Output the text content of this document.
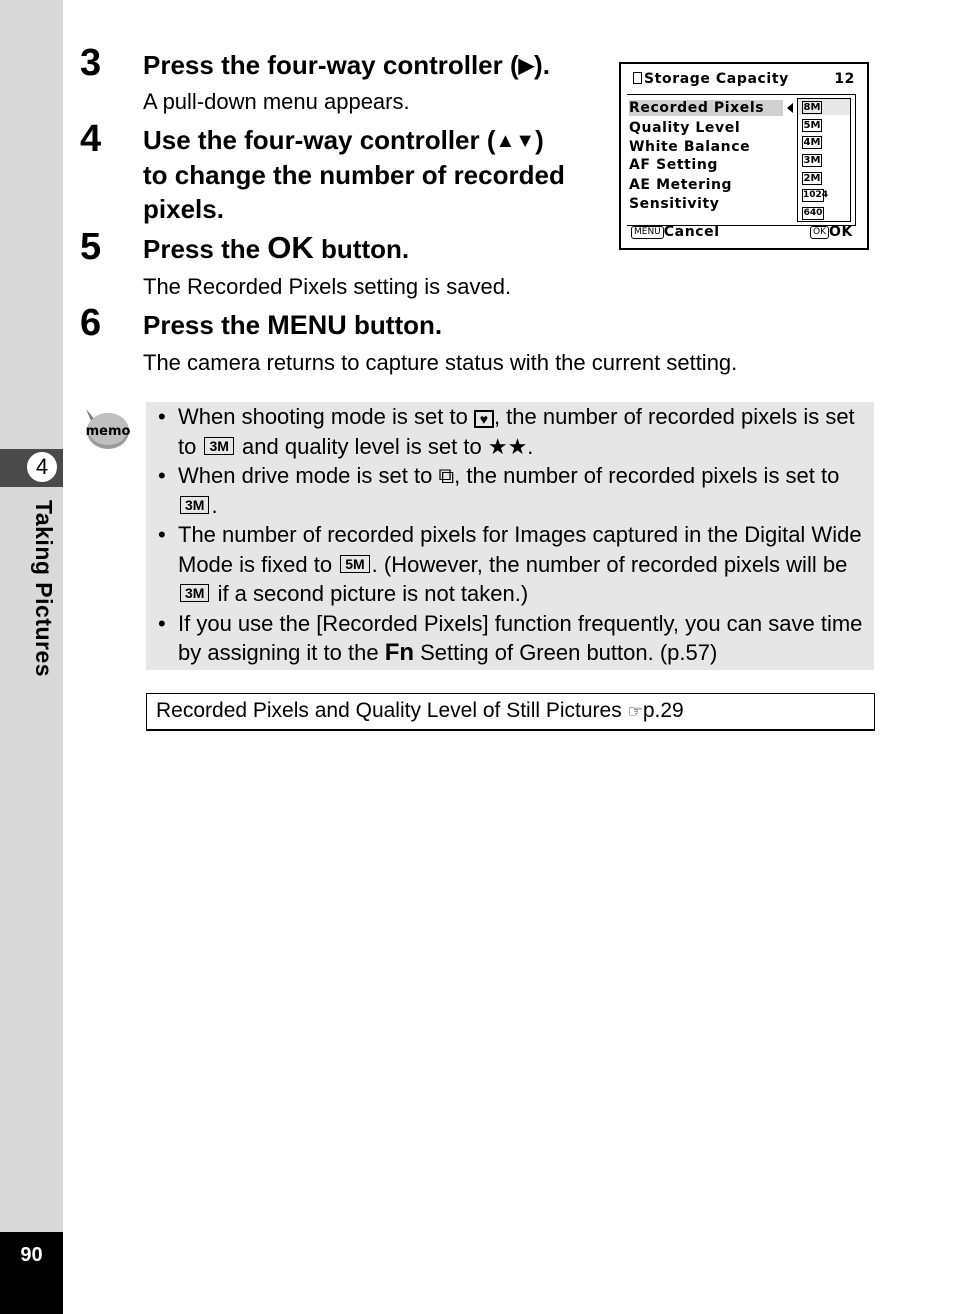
4
Taking Pictures
90
3 Press the four-way controller (▶).
A pull-down menu appears.
4 Use the four-way controller (▲▼)
to change the number of recorded
pixels.
5 Press the OK button.
The Recorded Pixels setting is saved.
6 Press the MENU button.
The camera returns to capture status with the current setting.
Storage Capacity	12
Recorded Pixels
Quality Level
White Balance
AF Setting
AE Metering
Sensitivity
8M
5M
4M
3M
2M
1024
640
MENU Cancel	OK OK
memo
• When shooting mode is set to ♥ , the number of recorded pixels is set to 3M and quality level is set to ★★.
• When drive mode is set to ⧉, the number of recorded pixels is set to 3M .
• The number of recorded pixels for Images captured in the Digital Wide Mode is fixed to 5M . (However, the number of recorded pixels will be 3M if a second picture is not taken.)
• If you use the [Recorded Pixels] function frequently, you can save time by assigning it to the Fn Setting of Green button. (p.57)
Recorded Pixels and Quality Level of Still Pictures ☞p.29
